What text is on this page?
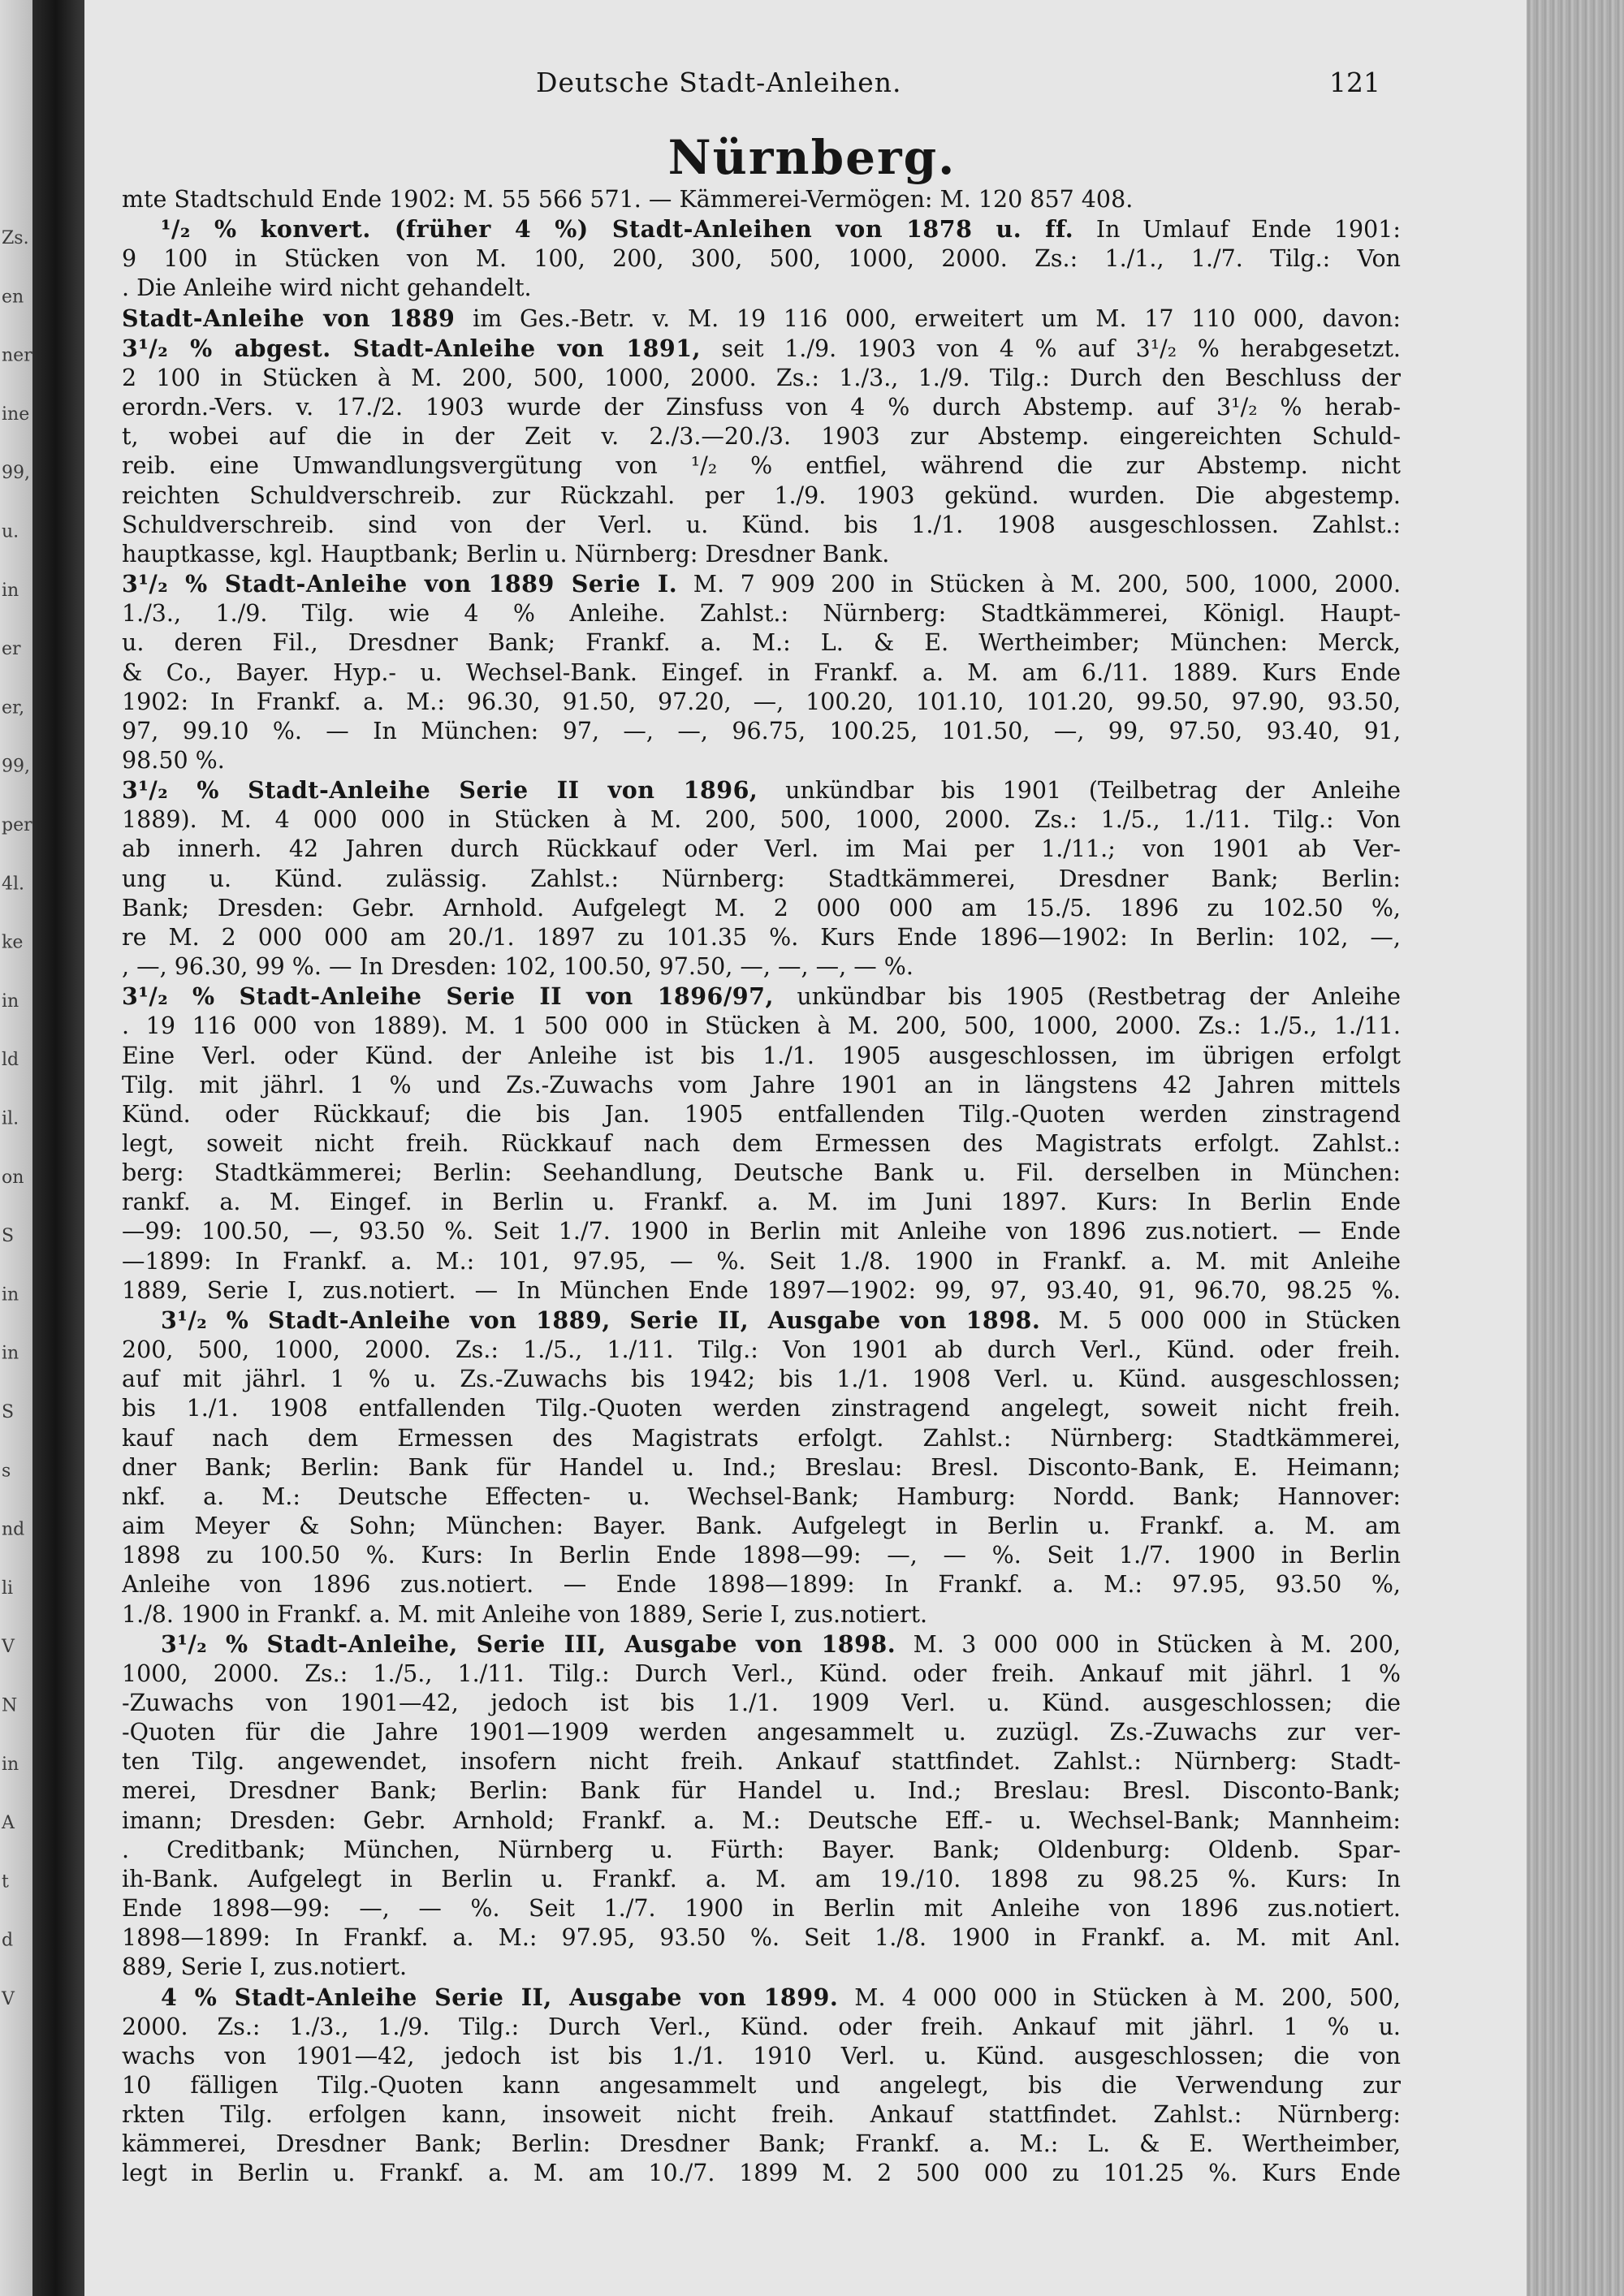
Zs.
en
ner
ine
99,
u.
in
er
er,
99,
per
4l.
ke
in
ld
il.
on
S
in
in
S
s
nd
li
V
N
in
A
t
d
V
Deutsche Stadt-Anleihen.	121
Nürnberg.
mte Stadtschuld Ende 1902: M. 55 566 571. — Kämmerei-Vermögen: M. 120 857 408.
¹/₂ % konvert. (früher 4 %) Stadt-Anleihen von 1878 u. ff. In Umlauf Ende 1901:
9 100 in Stücken von M. 100, 200, 300, 500, 1000, 2000. Zs.: 1./1., 1./7. Tilg.: Von
. Die Anleihe wird nicht gehandelt.
Stadt-Anleihe von 1889 im Ges.-Betr. v. M. 19 116 000, erweitert um M. 17 110 000, davon:
3¹/₂ % abgest. Stadt-Anleihe von 1891, seit 1./9. 1903 von 4 % auf 3¹/₂ % herabgesetzt.
2 100 in Stücken à M. 200, 500, 1000, 2000. Zs.: 1./3., 1./9. Tilg.: Durch den Beschluss der
erordn.-Vers. v. 17./2. 1903 wurde der Zinsfuss von 4 % durch Abstemp. auf 3¹/₂ % herab-
t, wobei auf die in der Zeit v. 2./3.—20./3. 1903 zur Abstemp. eingereichten Schuld-
reib. eine Umwandlungsvergütung von ¹/₂ % entfiel, während die zur Abstemp. nicht
reichten Schuldverschreib. zur Rückzahl. per 1./9. 1903 gekünd. wurden. Die abgestemp.
Schuldverschreib. sind von der Verl. u. Künd. bis 1./1. 1908 ausgeschlossen. Zahlst.:
hauptkasse, kgl. Hauptbank; Berlin u. Nürnberg: Dresdner Bank.
3¹/₂ % Stadt-Anleihe von 1889 Serie I. M. 7 909 200 in Stücken à M. 200, 500, 1000, 2000.
1./3., 1./9. Tilg. wie 4 % Anleihe. Zahlst.: Nürnberg: Stadtkämmerei, Königl. Haupt-
u. deren Fil., Dresdner Bank; Frankf. a. M.: L. & E. Wertheimber; München: Merck,
& Co., Bayer. Hyp.- u. Wechsel-Bank. Eingef. in Frankf. a. M. am 6./11. 1889. Kurs Ende
1902: In Frankf. a. M.: 96.30, 91.50, 97.20, —, 100.20, 101.10, 101.20, 99.50, 97.90, 93.50,
97, 99.10 %. — In München: 97, —, —, 96.75, 100.25, 101.50, —, 99, 97.50, 93.40, 91,
98.50 %.
3¹/₂ % Stadt-Anleihe Serie II von 1896, unkündbar bis 1901 (Teilbetrag der Anleihe
1889). M. 4 000 000 in Stücken à M. 200, 500, 1000, 2000. Zs.: 1./5., 1./11. Tilg.: Von
ab innerh. 42 Jahren durch Rückkauf oder Verl. im Mai per 1./11.; von 1901 ab Ver-
ung u. Künd. zulässig. Zahlst.: Nürnberg: Stadtkämmerei, Dresdner Bank; Berlin:
Bank; Dresden: Gebr. Arnhold. Aufgelegt M. 2 000 000 am 15./5. 1896 zu 102.50 %,
re M. 2 000 000 am 20./1. 1897 zu 101.35 %. Kurs Ende 1896—1902: In Berlin: 102, —,
, —, 96.30, 99 %. — In Dresden: 102, 100.50, 97.50, —, —, —, — %.
3¹/₂ % Stadt-Anleihe Serie II von 1896/97, unkündbar bis 1905 (Restbetrag der Anleihe
. 19 116 000 von 1889). M. 1 500 000 in Stücken à M. 200, 500, 1000, 2000. Zs.: 1./5., 1./11.
Eine Verl. oder Künd. der Anleihe ist bis 1./1. 1905 ausgeschlossen, im übrigen erfolgt
Tilg. mit jährl. 1 % und Zs.-Zuwachs vom Jahre 1901 an in längstens 42 Jahren mittels
Künd. oder Rückkauf; die bis Jan. 1905 entfallenden Tilg.-Quoten werden zinstragend
legt, soweit nicht freih. Rückkauf nach dem Ermessen des Magistrats erfolgt. Zahlst.:
berg: Stadtkämmerei; Berlin: Seehandlung, Deutsche Bank u. Fil. derselben in München:
rankf. a. M. Eingef. in Berlin u. Frankf. a. M. im Juni 1897. Kurs: In Berlin Ende
—99: 100.50, —, 93.50 %. Seit 1./7. 1900 in Berlin mit Anleihe von 1896 zus.notiert. — Ende
—1899: In Frankf. a. M.: 101, 97.95, — %. Seit 1./8. 1900 in Frankf. a. M. mit Anleihe
1889, Serie I, zus.notiert. — In München Ende 1897—1902: 99, 97, 93.40, 91, 96.70, 98.25 %.
3¹/₂ % Stadt-Anleihe von 1889, Serie II, Ausgabe von 1898. M. 5 000 000 in Stücken
200, 500, 1000, 2000. Zs.: 1./5., 1./11. Tilg.: Von 1901 ab durch Verl., Künd. oder freih.
auf mit jährl. 1 % u. Zs.-Zuwachs bis 1942; bis 1./1. 1908 Verl. u. Künd. ausgeschlossen;
bis 1./1. 1908 entfallenden Tilg.-Quoten werden zinstragend angelegt, soweit nicht freih.
kauf nach dem Ermessen des Magistrats erfolgt. Zahlst.: Nürnberg: Stadtkämmerei,
dner Bank; Berlin: Bank für Handel u. Ind.; Breslau: Bresl. Disconto-Bank, E. Heimann;
nkf. a. M.: Deutsche Effecten- u. Wechsel-Bank; Hamburg: Nordd. Bank; Hannover:
aim Meyer & Sohn; München: Bayer. Bank. Aufgelegt in Berlin u. Frankf. a. M. am
1898 zu 100.50 %. Kurs: In Berlin Ende 1898—99: —, — %. Seit 1./7. 1900 in Berlin
Anleihe von 1896 zus.notiert. — Ende 1898—1899: In Frankf. a. M.: 97.95, 93.50 %,
1./8. 1900 in Frankf. a. M. mit Anleihe von 1889, Serie I, zus.notiert.
3¹/₂ % Stadt-Anleihe, Serie III, Ausgabe von 1898. M. 3 000 000 in Stücken à M. 200,
1000, 2000. Zs.: 1./5., 1./11. Tilg.: Durch Verl., Künd. oder freih. Ankauf mit jährl. 1 %
-Zuwachs von 1901—42, jedoch ist bis 1./1. 1909 Verl. u. Künd. ausgeschlossen; die
-Quoten für die Jahre 1901—1909 werden angesammelt u. zuzügl. Zs.-Zuwachs zur ver-
ten Tilg. angewendet, insofern nicht freih. Ankauf stattfindet. Zahlst.: Nürnberg: Stadt-
merei, Dresdner Bank; Berlin: Bank für Handel u. Ind.; Breslau: Bresl. Disconto-Bank;
imann; Dresden: Gebr. Arnhold; Frankf. a. M.: Deutsche Eff.- u. Wechsel-Bank; Mannheim:
. Creditbank; München, Nürnberg u. Fürth: Bayer. Bank; Oldenburg: Oldenb. Spar-
ih-Bank. Aufgelegt in Berlin u. Frankf. a. M. am 19./10. 1898 zu 98.25 %. Kurs: In
Ende 1898—99: —, — %. Seit 1./7. 1900 in Berlin mit Anleihe von 1896 zus.notiert.
1898—1899: In Frankf. a. M.: 97.95, 93.50 %. Seit 1./8. 1900 in Frankf. a. M. mit Anl.
889, Serie I, zus.notiert.
4 % Stadt-Anleihe Serie II, Ausgabe von 1899. M. 4 000 000 in Stücken à M. 200, 500,
2000. Zs.: 1./3., 1./9. Tilg.: Durch Verl., Künd. oder freih. Ankauf mit jährl. 1 % u.
wachs von 1901—42, jedoch ist bis 1./1. 1910 Verl. u. Künd. ausgeschlossen; die von
10 fälligen Tilg.-Quoten kann angesammelt und angelegt, bis die Verwendung zur
rkten Tilg. erfolgen kann, insoweit nicht freih. Ankauf stattfindet. Zahlst.: Nürnberg:
kämmerei, Dresdner Bank; Berlin: Dresdner Bank; Frankf. a. M.: L. & E. Wertheimber,
legt in Berlin u. Frankf. a. M. am 10./7. 1899 M. 2 500 000 zu 101.25 %. Kurs Ende
